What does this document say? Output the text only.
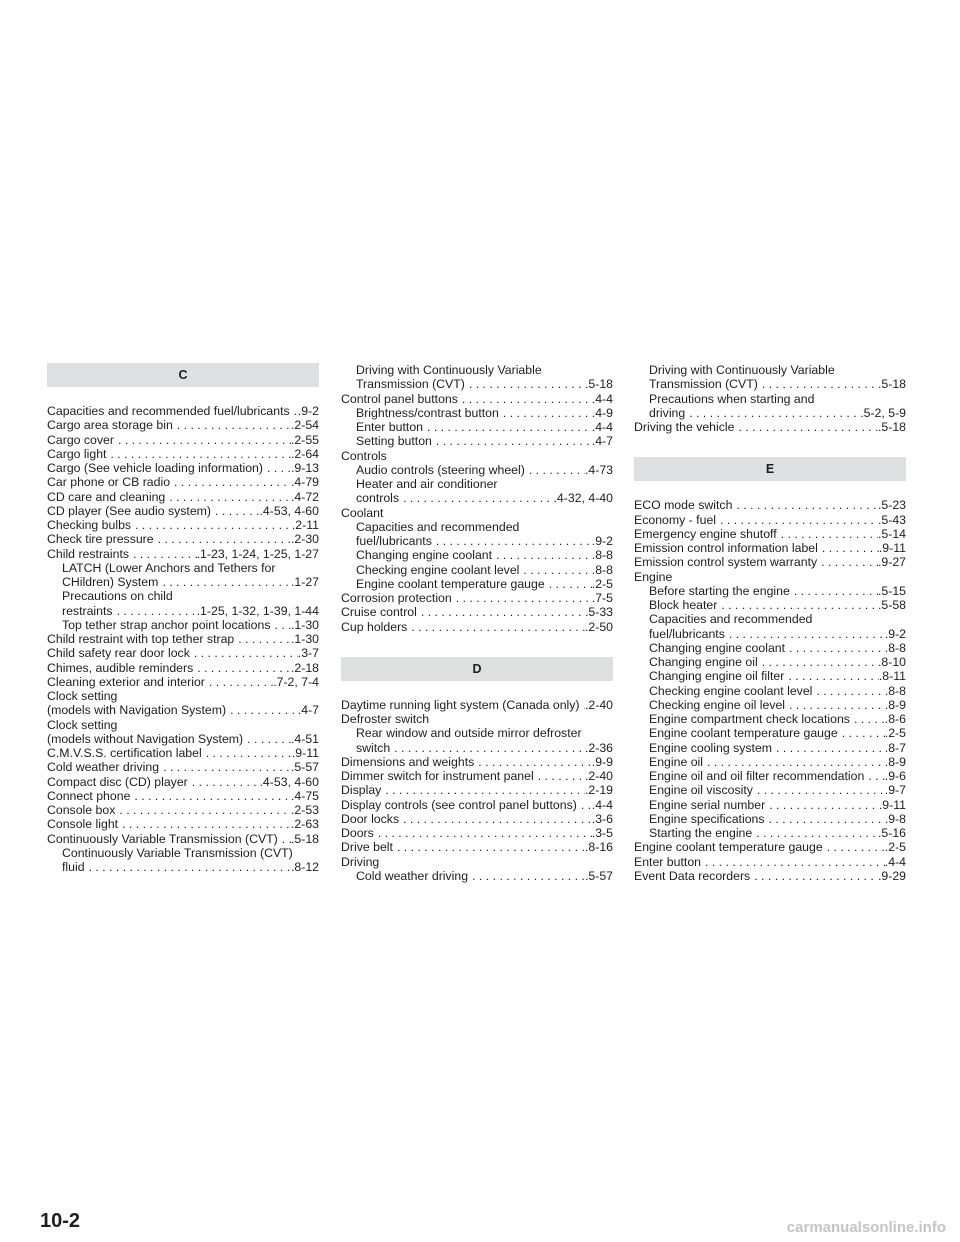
C
Capacities and recommended fuel/lubricants . . . .9-2
Cargo area storage bin . . .	.2-54
Cargo cover . . .	.2-55
Cargo light . . .	.2-64
Cargo (See vehicle loading information) . . . .9-13
Car phone or CB radio . . .	.4-79
CD care and cleaning . . .	.4-72
CD player (See audio system) . . .	.4-53, 4-60
Checking bulbs . . .	.2-11
Check tire pressure . . .	.2-30
Child restraints . . .	.1-23, 1-24, 1-25, 1-27
LATCH (Lower Anchors and Tethers for
CHildren) System . . .	.1-27
Precautions on child
restraints . . .	.1-25, 1-32, 1-39, 1-44
Top tether strap anchor point locations . . . .1-30
Child restraint with top tether strap . . .	.1-30
Child safety rear door lock . . .	.3-7
Chimes, audible reminders . . .	.2-18
Cleaning exterior and interior . . .	.7-2, 7-4
Clock setting
(models with Navigation System) . . .	.4-7
Clock setting
(models without Navigation System) . . .	.4-51
C.M.V.S.S. certification label . . .	.9-11
Cold weather driving . . .	.5-57
Compact disc (CD) player . . .	.4-53, 4-60
Connect phone . . .	.4-75
Console box . . .	.2-53
Console light . . .	.2-63
Continuously Variable Transmission (CVT) . . . .5-18
Continuously Variable Transmission (CVT)
fluid . . .	.8-12
Driving with Continuously Variable
Transmission (CVT) . . .	.5-18
Control panel buttons . . .	.4-4
Brightness/contrast button . . .	.4-9
Enter button . . .	.4-4
Setting button . . .	.4-7
Controls
Audio controls (steering wheel) . . .	.4-73
Heater and air conditioner
controls . . .	.4-32, 4-40
Coolant
Capacities and recommended
fuel/lubricants . . .	.9-2
Changing engine coolant . . .	.8-8
Checking engine coolant level . . .	.8-8
Engine coolant temperature gauge . . .	.2-5
Corrosion protection . . .	.7-5
Cruise control . . .	.5-33
Cup holders . . .	.2-50
D
Daytime running light system (Canada only) . . . .2-40
Defroster switch
Rear window and outside mirror defroster
switch . . .	.2-36
Dimensions and weights . . .	.9-9
Dimmer switch for instrument panel . . .	.2-40
Display . . .	.2-19
Display controls (see control panel buttons) . . . .4-4
Door locks . . .	.3-6
Doors . . .	.3-5
Drive belt . . .	.8-16
Driving
Cold weather driving . . .	.5-57
Driving with Continuously Variable
Transmission (CVT) . . .	.5-18
Precautions when starting and
driving . . .	.5-2, 5-9
Driving the vehicle . . .	.5-18
E
ECO mode switch . . .	.5-23
Economy - fuel . . .	.5-43
Emergency engine shutoff . . .	.5-14
Emission control information label . . .	.9-11
Emission control system warranty . . .	.9-27
Engine
Before starting the engine . . .	.5-15
Block heater . . .	.5-58
Capacities and recommended
fuel/lubricants . . .	.9-2
Changing engine coolant . . .	.8-8
Changing engine oil . . .	.8-10
Changing engine oil filter . . .	.8-11
Checking engine coolant level . . .	.8-8
Checking engine oil level . . .	.8-9
Engine compartment check locations . . .	.8-6
Engine coolant temperature gauge . . .	.2-5
Engine cooling system . . .	.8-7
Engine oil . . .	.8-9
Engine oil and oil filter recommendation . . . .9-6
Engine oil viscosity . . .	.9-7
Engine serial number . . .	.9-11
Engine specifications . . .	.9-8
Starting the engine . . .	.5-16
Engine coolant temperature gauge . . .	.2-5
Enter button . . .	.4-4
Event Data recorders . . .	.9-29
10-2	carmanualsonline.info
